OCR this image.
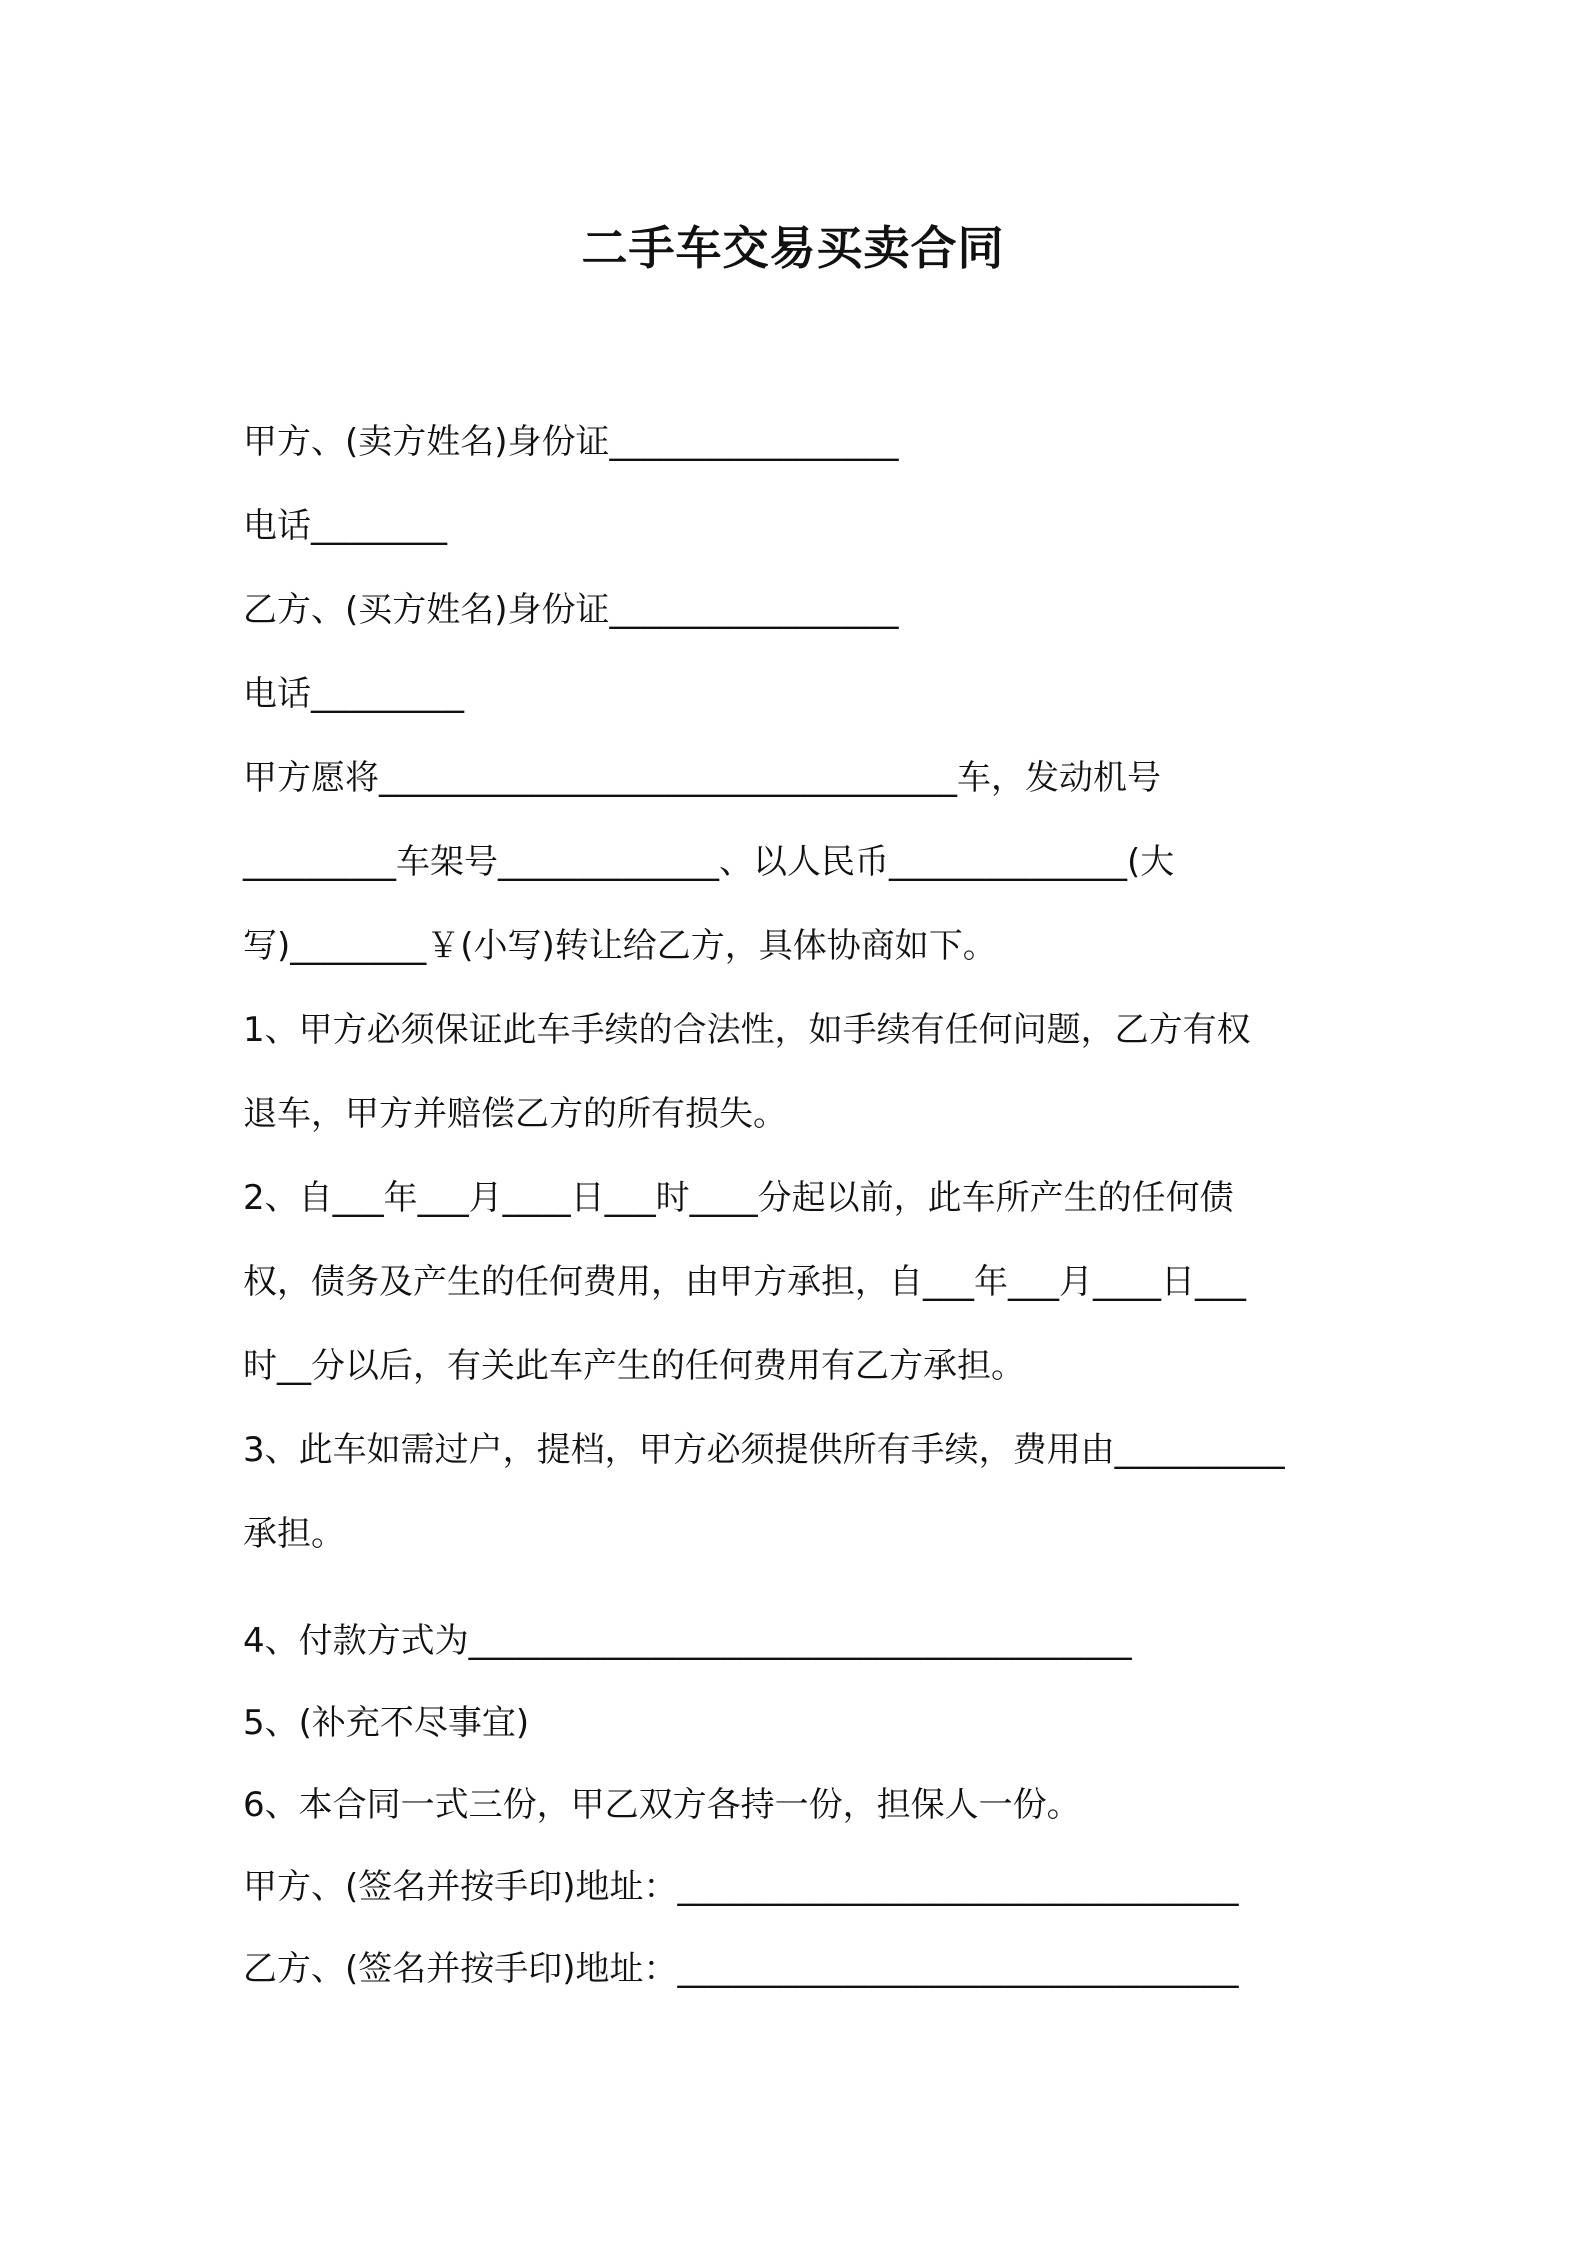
二手车交易买卖合同
甲方、(卖方姓名)身份证_________________
电话________
乙方、(买方姓名)身份证_________________
电话_________
甲方愿将__________________________________车，发动机号
_________车架号_____________、以人民币______________(大
写)________￥(小写)转让给乙方，具体协商如下。
1、甲方必须保证此车手续的合法性，如手续有任何问题，乙方有权
退车，甲方并赔偿乙方的所有损失。
2、自___年___月____日___时____分起以前，此车所产生的任何债
权，债务及产生的任何费用，由甲方承担，自___年___月____日___
时__分以后，有关此车产生的任何费用有乙方承担。
3、此车如需过户，提档，甲方必须提供所有手续，费用由__________
承担。
4、付款方式为_______________________________________
5、(补充不尽事宜)
6、本合同一式三份，甲乙双方各持一份，担保人一份。
甲方、(签名并按手印)地址：_________________________________
乙方、(签名并按手印)地址：_________________________________
